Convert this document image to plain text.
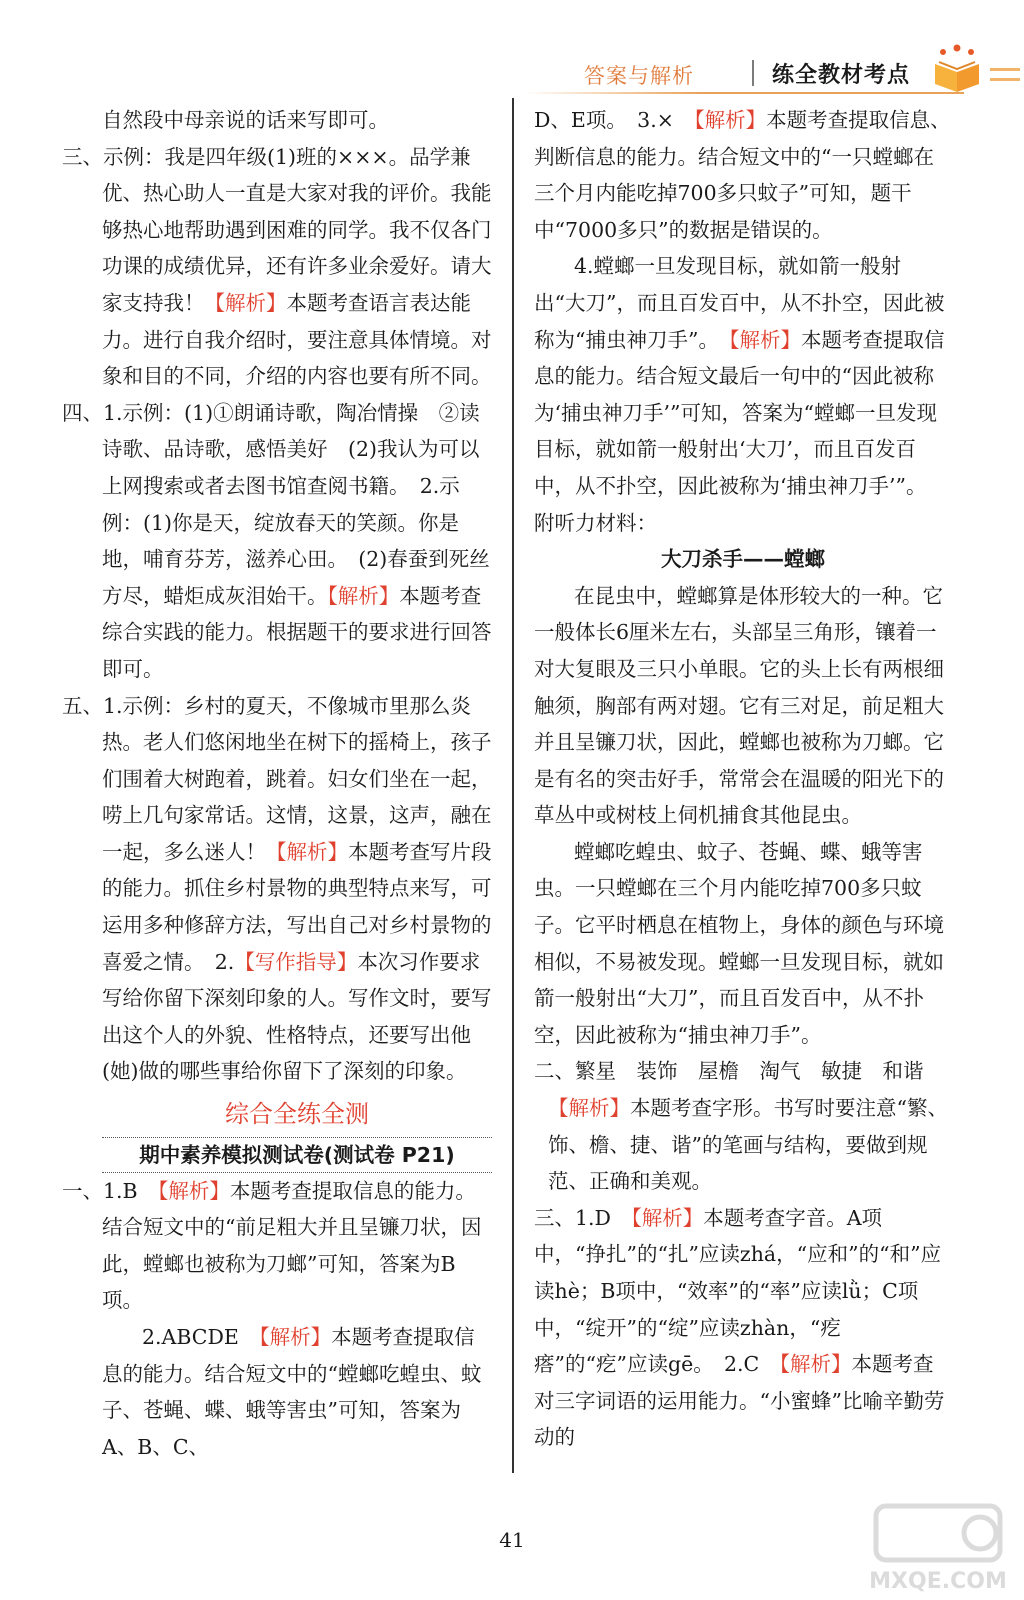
答案与解析	练全教材考点

自然段中母亲说的话来写即可。

三、示例：我是四年级(1)班的×××。品学兼优、热心助人一直是大家对我的评价。我能够热心地帮助遇到困难的同学。我不仅各门功课的成绩优异，还有许多业余爱好。请大家支持我！ 【 解析 】 本题考查语言表达能力。进行自我介绍时，要注意具体情境。对象和目的不同，介绍的内容也要有所不同。

四、1.示例：(1)①朗诵诗歌，陶冶情操　②读诗歌、品诗歌，感悟美好　(2)我认为可以上网搜索或者去图书馆查阅书籍。　2.示例：(1)你是天，绽放春天的笑颜。你是地，哺育芬芳，滋养心田。　(2)春蚕到死丝方尽，蜡炬成灰泪始干。 【 解析 】 本题考查综合实践的能力。根据题干的要求进行回答即可。

五、1.示例：乡村的夏天，不像城市里那么炎热。老人们悠闲地坐在树下的摇椅上，孩子们围着大树跑着，跳着。妇女们坐在一起，唠上几句家常话。这情，这景，这声，融在一起，多么迷人！ 【 解析 】 本题考查写片段的能力。抓住乡村景物的典型特点来写，可运用多种修辞方法，写出自己对乡村景物的喜爱之情。　2. 【 写作指导 】 本次习作要求写给你留下深刻印象的人。写作文时，要写出这个人的外貌、性格特点，还要写出他(她)做的哪些事给你留下了深刻的印象。

综合全练全测
期中素养模拟测试卷(测试卷 P21)

一、1.B　【 解析 】 本题考查提取信息的能力。结合短文中的“前足粗大并且呈镰刀状，因此，螳螂也被称为刀螂”可知，答案为B项。

2.ABCDE　【 解析 】 本题考查提取信息的能力。结合短文中的“螳螂吃蝗虫、蚊子、苍蝇、蝶、蛾等害虫”可知，答案为A、B、C、

D、E项。　3.×　【 解析 】 本题考查提取信息、判断信息的能力。结合短文中的“一只螳螂在三个月内能吃掉700多只蚊子”可知，题干中“7000多只”的数据是错误的。

4.螳螂一旦发现目标，就如箭一般射出“大刀”，而且百发百中，从不扑空，因此被称为“捕虫神刀手”。　【 解析 】 本题考查提取信息的能力。结合短文最后一句中的“因此被称为‘捕虫神刀手’”可知，答案为“螳螂一旦发现目标，就如箭一般射出‘大刀’，而且百发百中，从不扑空，因此被称为‘捕虫神刀手’”。

附听力材料：

大刀杀手——螳螂

在昆虫中，螳螂算是体形较大的一种。它一般体长6厘米左右，头部呈三角形，镶着一对大复眼及三只小单眼。它的头上长有两根细触须，胸部有两对翅。它有三对足，前足粗大并且呈镰刀状，因此，螳螂也被称为刀螂。它是有名的突击好手，常常会在温暖的阳光下的草丛中或树枝上伺机捕食其他昆虫。

螳螂吃蝗虫、蚊子、苍蝇、蝶、蛾等害虫。一只螳螂在三个月内能吃掉700多只蚊子。它平时栖息在植物上，身体的颜色与环境相似，不易被发现。螳螂一旦发现目标，就如箭一般射出“大刀”，而且百发百中，从不扑空，因此被称为“捕虫神刀手”。

二、繁星　装饰　屋檐　淘气　敏捷　和谐

【 解析 】 本题考查字形。书写时要注意“繁、饰、檐、捷、谐”的笔画与结构，要做到规范、正确和美观。

三、1.D　【 解析 】 本题考查字音。A项中，“挣扎”的“扎”应读zhá，“应和”的“和”应读hè；B项中，“效率”的“率”应读lǜ；C项中，“绽开”的“绽”应读zhàn，“疙瘩”的“疙”应读gē。　2.C　【 解析 】 本题考查对三字词语的运用能力。“小蜜蜂”比喻辛勤劳动的

41
MXQE.COM
